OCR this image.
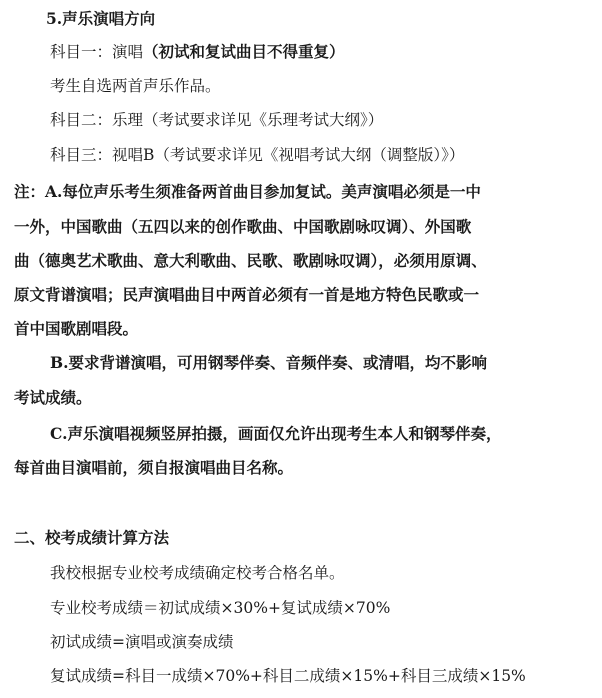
5.声乐演唱方向
科目一：演唱（初试和复试曲目不得重复）
考生自选两首声乐作品。
科目二：乐理（考试要求详见《乐理考试大纲》）
科目三：视唱B（考试要求详见《视唱考试大纲（调整版）》）
注：A.每位声乐考生须准备两首曲目参加复试。美声演唱必须是一中
一外，中国歌曲（五四以来的创作歌曲、中国歌剧咏叹调）、外国歌
曲（德奥艺术歌曲、意大利歌曲、民歌、歌剧咏叹调），必须用原调、
原文背谱演唱；民声演唱曲目中两首必须有一首是地方特色民歌或一
首中国歌剧唱段。
B.要求背谱演唱，可用钢琴伴奏、音频伴奏、或清唱，均不影响
考试成绩。
C.声乐演唱视频竖屏拍摄，画面仅允许出现考生本人和钢琴伴奏，
每首曲目演唱前，须自报演唱曲目名称。
二、校考成绩计算方法
我校根据专业校考成绩确定校考合格名单。
专业校考成绩＝初试成绩×30%+复试成绩×70%
初试成绩=演唱或演奏成绩
复试成绩=科目一成绩×70%+科目二成绩×15%+科目三成绩×15%
